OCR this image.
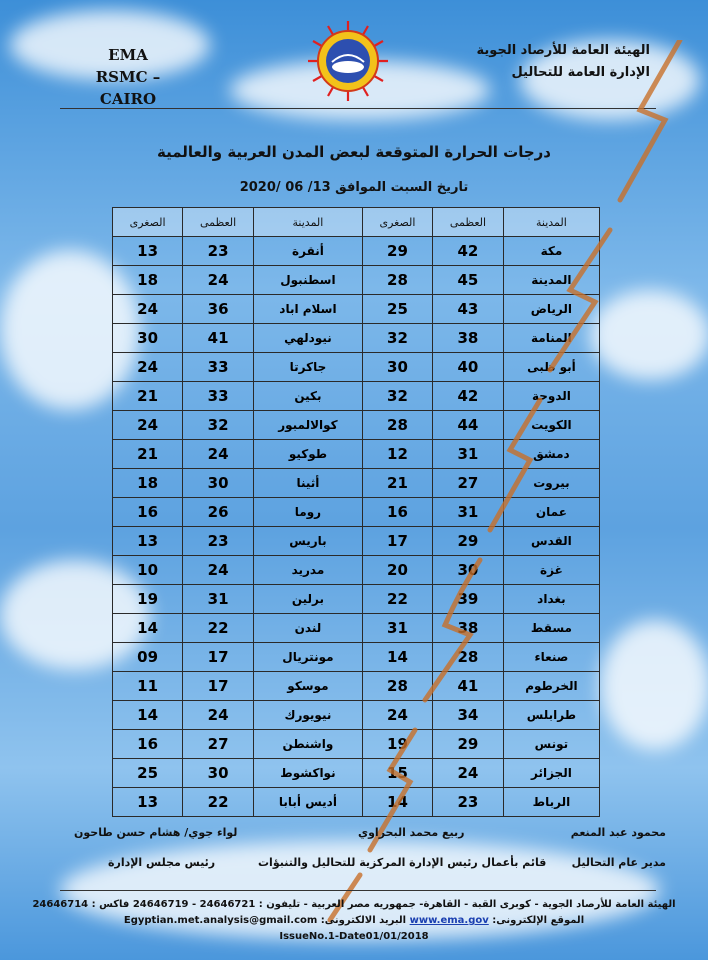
EMA
RSMC – CAIRO
الهيئة العامة للأرصاد الجوية
الإدارة العامة للتحاليل
درجات الحرارة المتوقعة لبعض المدن العربية والعالمية
تاريخ السبت الموافق 13/ 06 /2020
المدينة	العظمى	الصغرى	المدينة	العظمى	الصغرى
مكة	42	29	أنقرة	23	13
المدينة	45	28	اسطنبول	24	18
الرياض	43	25	اسلام اباد	36	24
المنامة	38	32	نيودلهي	41	30
أبو ظبى	40	30	جاكرتا	33	24
الدوحة	42	32	بكين	33	21
الكويت	44	28	كوالالمبور	32	24
دمشق	31	12	طوكيو	24	21
بيروت	27	21	أثينا	30	18
عمان	31	16	روما	26	16
القدس	29	17	باريس	23	13
غزة	30	20	مدريد	24	10
بغداد	39	22	برلين	31	19
مسقط	38	31	لندن	22	14
صنعاء	28	14	مونتريال	17	09
الخرطوم	41	28	موسكو	17	11
طرابلس	34	24	نيويورك	24	14
تونس	29	19	واشنطن	27	16
الجزائر	24	15	نواكشوط	30	25
الرباط	23	14	أديس أبابا	22	13
محمود عبد المنعم
ربيع محمد البحراوي
لواء جوي/ هشام حسن طاحون
مدير عام التحاليل
قائم بأعمال رئيس الإدارة المركزية للتحاليل والتنبؤات
رئيس مجلس الإدارة
الهيئة العامة للأرصاد الجوية - كوبرى القبة - القاهرة- جمهوريه مصر العربية - تليفون : 24646721 - 24646719 فاكس : 24646714
الموقع الإلكترونى: www.ema.gov البريد الالكترونى: Egyptian.met.analysis@gmail.com
IssueNo.1-Date01/01/2018
